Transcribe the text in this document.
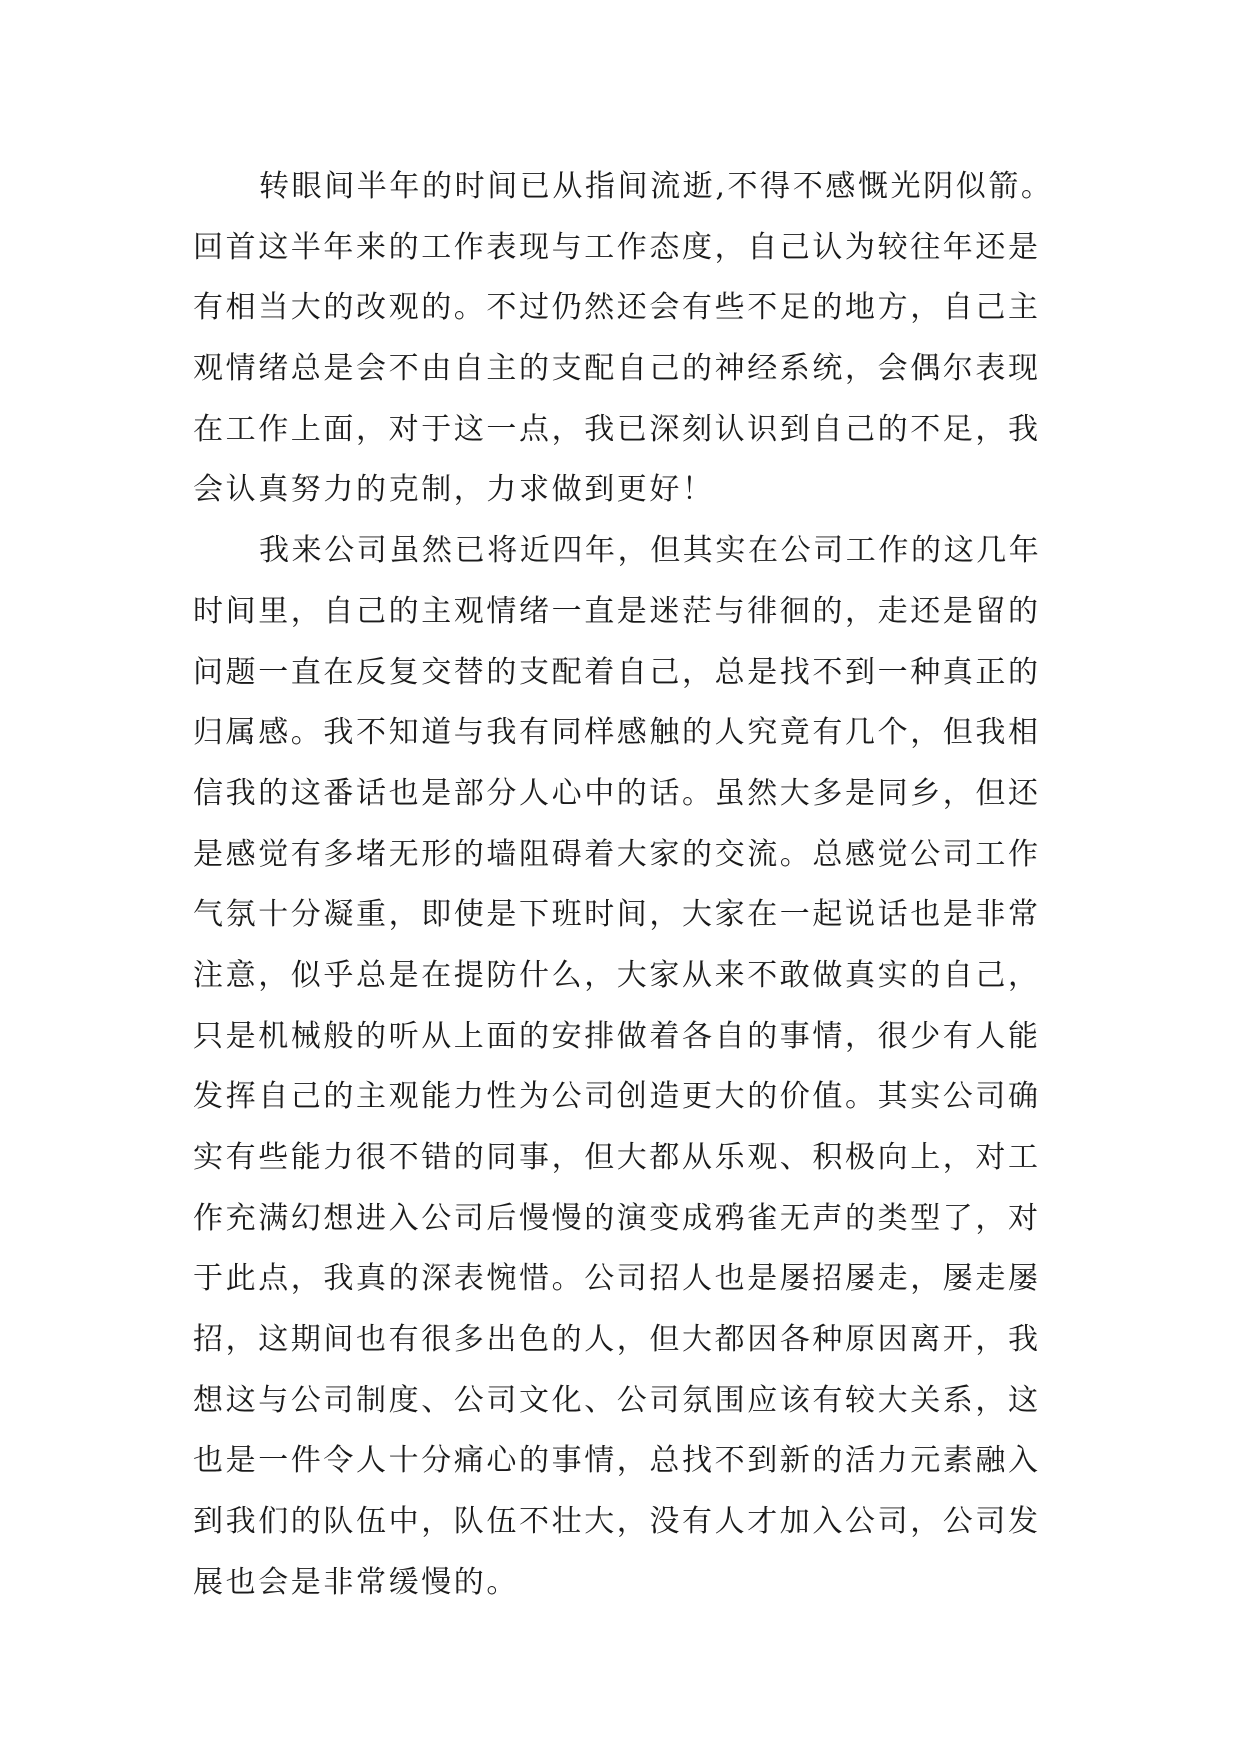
转眼间半年的时间已从指间流逝,不得不感慨光阴似箭。
回首这半年来的工作表现与工作态度，自己认为较往年还是
有相当大的改观的。不过仍然还会有些不足的地方，自己主
观情绪总是会不由自主的支配自己的神经系统，会偶尔表现
在工作上面，对于这一点，我已深刻认识到自己的不足，我
会认真努力的克制，力求做到更好！
我来公司虽然已将近四年，但其实在公司工作的这几年
时间里，自己的主观情绪一直是迷茫与徘徊的，走还是留的
问题一直在反复交替的支配着自己，总是找不到一种真正的
归属感。我不知道与我有同样感触的人究竟有几个，但我相
信我的这番话也是部分人心中的话。虽然大多是同乡，但还
是感觉有多堵无形的墙阻碍着大家的交流。总感觉公司工作
气氛十分凝重，即使是下班时间，大家在一起说话也是非常
注意，似乎总是在提防什么，大家从来不敢做真实的自己，
只是机械般的听从上面的安排做着各自的事情，很少有人能
发挥自己的主观能力性为公司创造更大的价值。其实公司确
实有些能力很不错的同事，但大都从乐观、积极向上，对工
作充满幻想进入公司后慢慢的演变成鸦雀无声的类型了，对
于此点，我真的深表惋惜。公司招人也是屡招屡走，屡走屡
招，这期间也有很多出色的人，但大都因各种原因离开，我
想这与公司制度、公司文化、公司氛围应该有较大关系，这
也是一件令人十分痛心的事情，总找不到新的活力元素融入
到我们的队伍中，队伍不壮大，没有人才加入公司，公司发
展也会是非常缓慢的。
